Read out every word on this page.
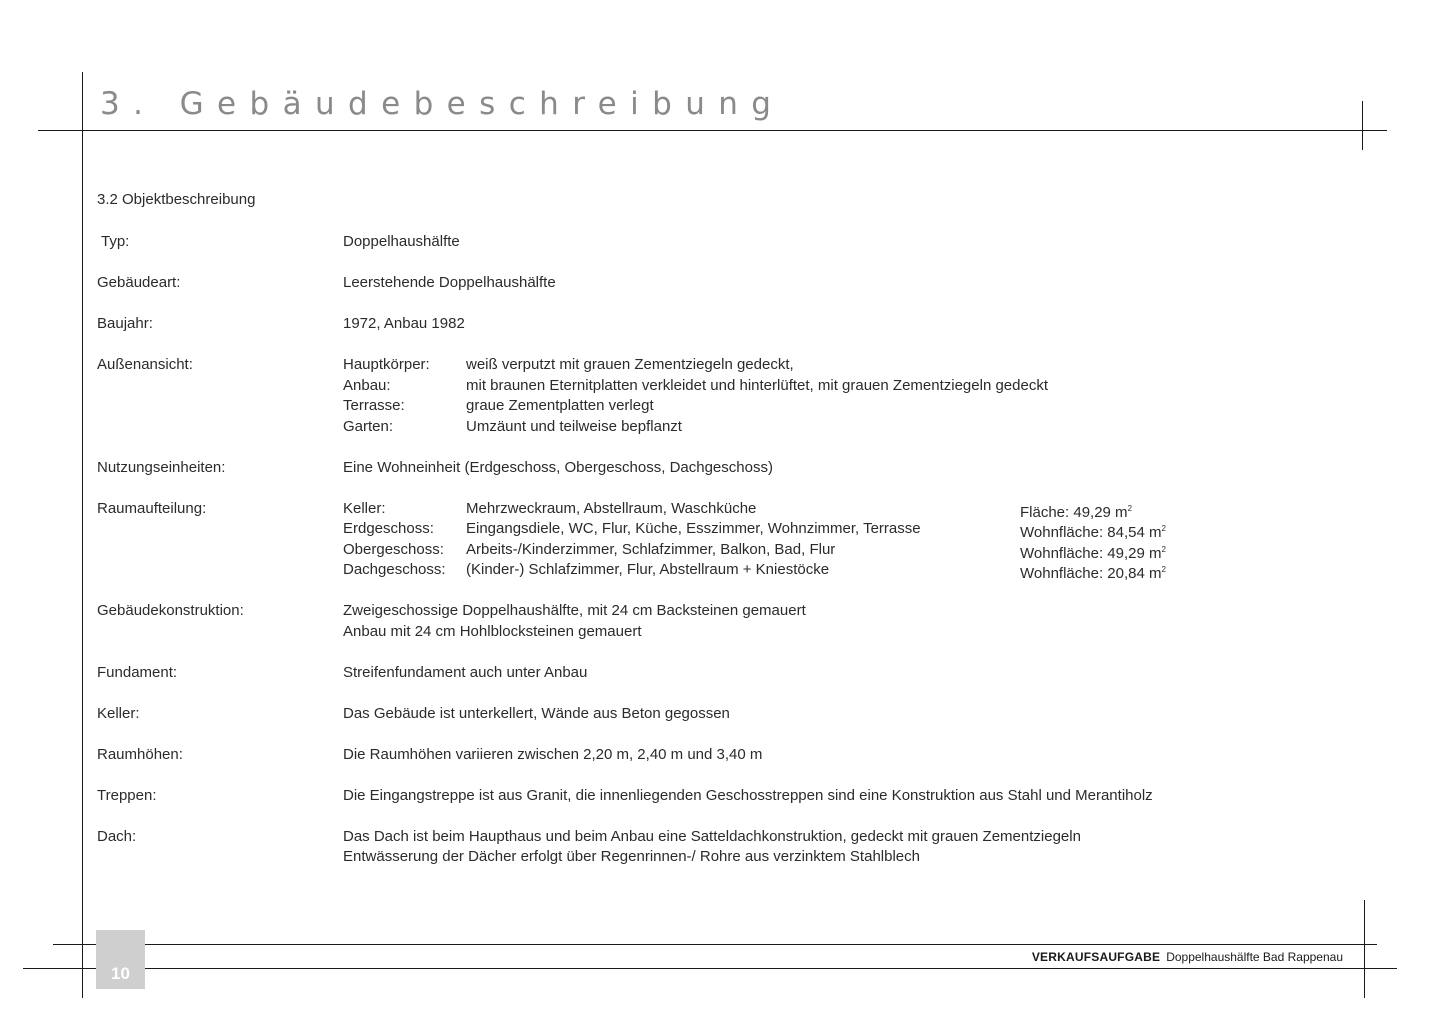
3. Gebäudebeschreibung
3.2 Objektbeschreibung
Typ:	Doppelhaushälfte
Gebäudeart:	Leerstehende Doppelhaushälfte
Baujahr:	1972, Anbau 1982
Außenansicht:	Hauptkörper: weiß verputzt mit grauen Zementziegeln gedeckt,
Anbau:	mit braunen Eternitplatten verkleidet und hinterlüftet, mit grauen Zementziegeln gedeckt
Terrasse:	graue Zementplatten verlegt
Garten:	Umzäunt und teilweise bepflanzt
Nutzungseinheiten:	Eine Wohneinheit (Erdgeschoss, Obergeschoss, Dachgeschoss)
Raumaufteilung:	Keller:	Mehrzweckraum, Abstellraum, Waschküche	Fläche: 49,29 $m^2$
Erdgeschoss: Eingangsdiele, WC, Flur, Küche, Esszimmer, Wohnzimmer, Terrasse	Wohnfläche: 84,54 $m^2$
Obergeschoss: Arbeits-/Kinderzimmer, Schlafzimmer, Balkon, Bad, Flur	Wohnfläche: 49,29 $m^2$
Dachgeschoss: (Kinder-) Schlafzimmer, Flur, Abstellraum + Kniestöcke	Wohnfläche: 20,84 $m^2$
Gebäudekonstruktion:	Zweigeschossige Doppelhaushälfte, mit 24 cm Backsteinen gemauert
Anbau mit 24 cm Hohlblocksteinen gemauert
Fundament:	Streifenfundament auch unter Anbau
Keller:	Das Gebäude ist unterkellert, Wände aus Beton gegossen
Raumhöhen:	Die Raumhöhen variieren zwischen 2,20 m, 2,40 m und 3,40 m
Treppen:	Die Eingangstreppe ist aus Granit, die innenliegenden Geschosstreppen sind eine Konstruktion aus Stahl und Merantiholz
Dach:	Das Dach ist beim Haupthaus und beim Anbau eine Satteldachkonstruktion, gedeckt mit grauen Zementziegeln
Entwässerung der Dächer erfolgt über Regenrinnen-/ Rohre aus verzinktem Stahlblech
10
VERKAUFSAUFGABE Doppelhaushälfte Bad Rappenau
